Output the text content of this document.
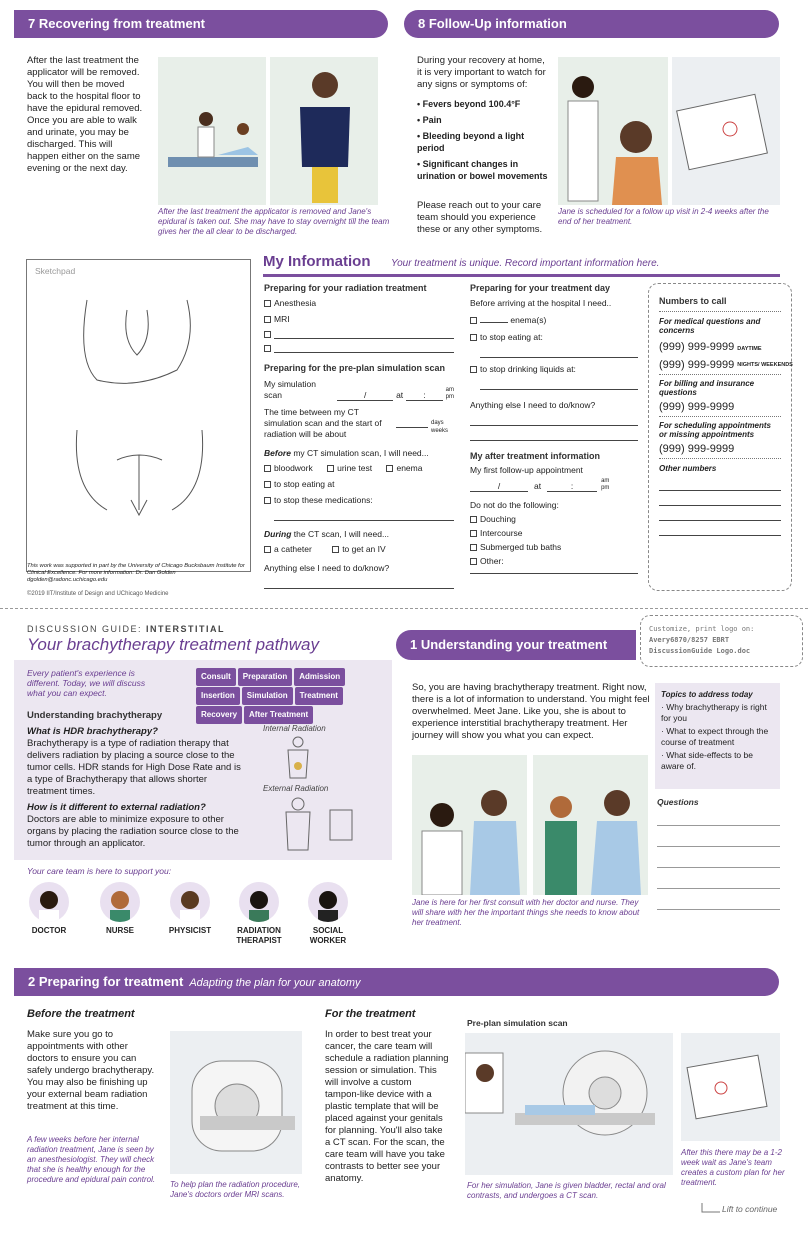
7 Recovering from treatment
After the last treatment the applicator will be removed. You will then be moved back to the hospital floor to have the epidural removed. Once you are able to walk and urinate, you may be discharged. This will happen either on the same evening or the next day.
After the last treatment the applicator is removed and Jane's epidural is taken out. She may have to stay overnight till the team gives her the all clear to be discharged.
8 Follow-Up information
During your recovery at home, it is very important to watch for any signs or symptoms of:
• Fevers beyond 100.4°F
• Pain
• Bleeding beyond a light period
• Significant changes in urination or bowel movements
Please reach out to your care team should you experience these or any other symptoms.
Jane is scheduled for a follow up visit in 2-4 weeks after the end of her treatment.
Sketchpad
This work was supported in part by the University of Chicago Bucksbaum Institute for Clinical Excellence. For more information: Dr. Dan Golden dgolden@radonc.uchicago.edu
©2019 IIT/Institute of Design and UChicago Medicine
My Information Your treatment is unique. Record important information here.
Preparing for your radiation treatment
Anesthesia
MRI
Preparing for the pre-plan simulation scan
My simulation scan	/	at	:	am
pm
The time between my CT simulation scan and the start of radiation will be about
days
weeks
Before my CT simulation scan, I will need...
bloodwork	urine test	enema
to stop eating at
to stop these medications:
During the CT scan, I will need...
a catheter	to get an IV
Anything else I need to do/know?
Preparing for your treatment day
Before arriving at the hospital I need..
enema(s)
to stop eating at:
to stop drinking liquids at:
Anything else I need to do/know?
My after treatment information
My first follow-up appointment
/	at	:	am
pm
Do not do the following:
Douching
Intercourse
Submerged tub baths
Other:
Numbers to call
For medical questions and concerns
(999) 999-9999 DAYTIME
(999) 999-9999 NIGHTS/ WEEKENDS
For billing and insurance questions
(999) 999-9999
For scheduling appointments or missing appointments
(999) 999-9999
Other numbers
DISCUSSION GUIDE: INTERSTITIAL
Your brachytherapy treatment pathway
Every patient's experience is different. Today, we will discuss what you can expect.
Consult Preparation Admission
Insertion Simulation Treatment
Recovery After Treatment
Understanding brachytherapy
What is HDR brachytherapy?
Brachytherapy is a type of radiation therapy that delivers radiation by placing a source close to the tumor cells. HDR stands for High Dose Rate and is a type of Brachytherapy that allows shorter treatment times.
How is it different to external radiation?
Doctors are able to minimize exposure to other organs by placing the radiation source close to the tumor through an applicator.
Internal Radiation
External Radiation
Your care team is here to support you:
DOCTOR	NURSE	PHYSICIST	RADIATION THERAPIST
SOCIAL WORKER
1 Understanding your treatment
Customize, print logo on:
Avery6870/8257 EBRT
DiscussionGuide Logo.doc
So, you are having brachytherapy treatment. Right now, there is a lot of information to understand. You might feel overwhelmed. Meet Jane. Like you, she is about to experience interstitial brachytherapy treatment. Her journey will show you what you can expect.
Topics to address today
· Why brachytherapy is right for you
· What to expect through the course of treatment
· What side-effects to be aware of.
Jane is here for her first consult with her doctor and nurse. They will share with her the important things she needs to know about her treatment.
Questions
2 Preparing for treatment Adapting the plan for your anatomy
Before the treatment
Make sure you go to appointments with other doctors to ensure you can safely undergo brachytherapy. You may also be finishing up your external beam radiation treatment at this time.
A few weeks before her internal radiation treatment, Jane is seen by an anesthesiologist. They will check that she is healthy enough for the procedure and epidural pain control.
To help plan the radiation procedure, Jane's doctors order MRI scans.
For the treatment
In order to best treat your cancer, the care team will schedule a radiation planning session or simulation. This will involve a custom tampon-like device with a plastic template that will be placed against your genitals for planning. You'll also take a CT scan. For the scan, the care team will have you take contrasts to better see your anatomy.
Pre-plan simulation scan
For her simulation, Jane is given bladder, rectal and oral contrasts, and undergoes a CT scan.
After this there may be a 1-2 week wait as Jane's team creates a custom plan for her treatment.
Lift to continue
